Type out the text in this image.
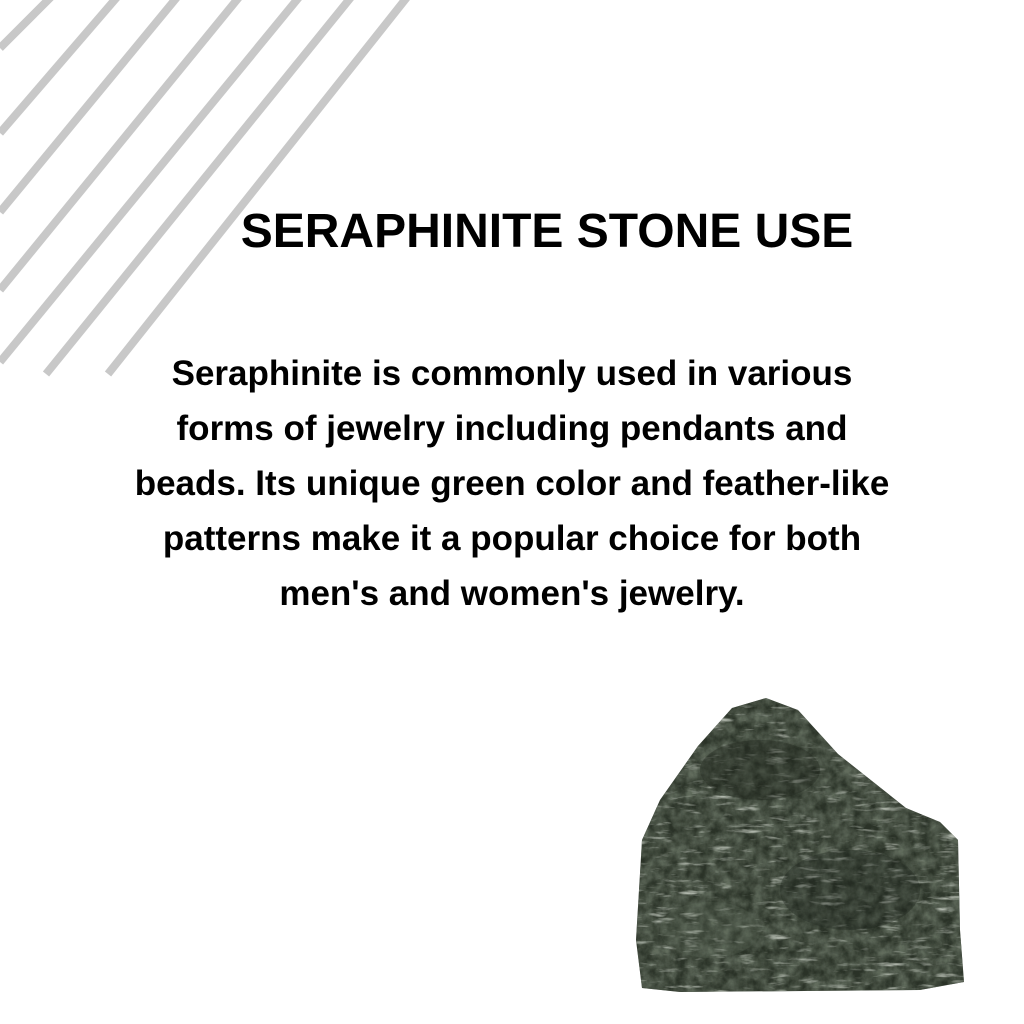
SERAPHINITE STONE USE

Seraphinite is commonly used in various forms of jewelry including pendants and beads. Its unique green color and feather-like patterns make it a popular choice for both men's and women's jewelry.
